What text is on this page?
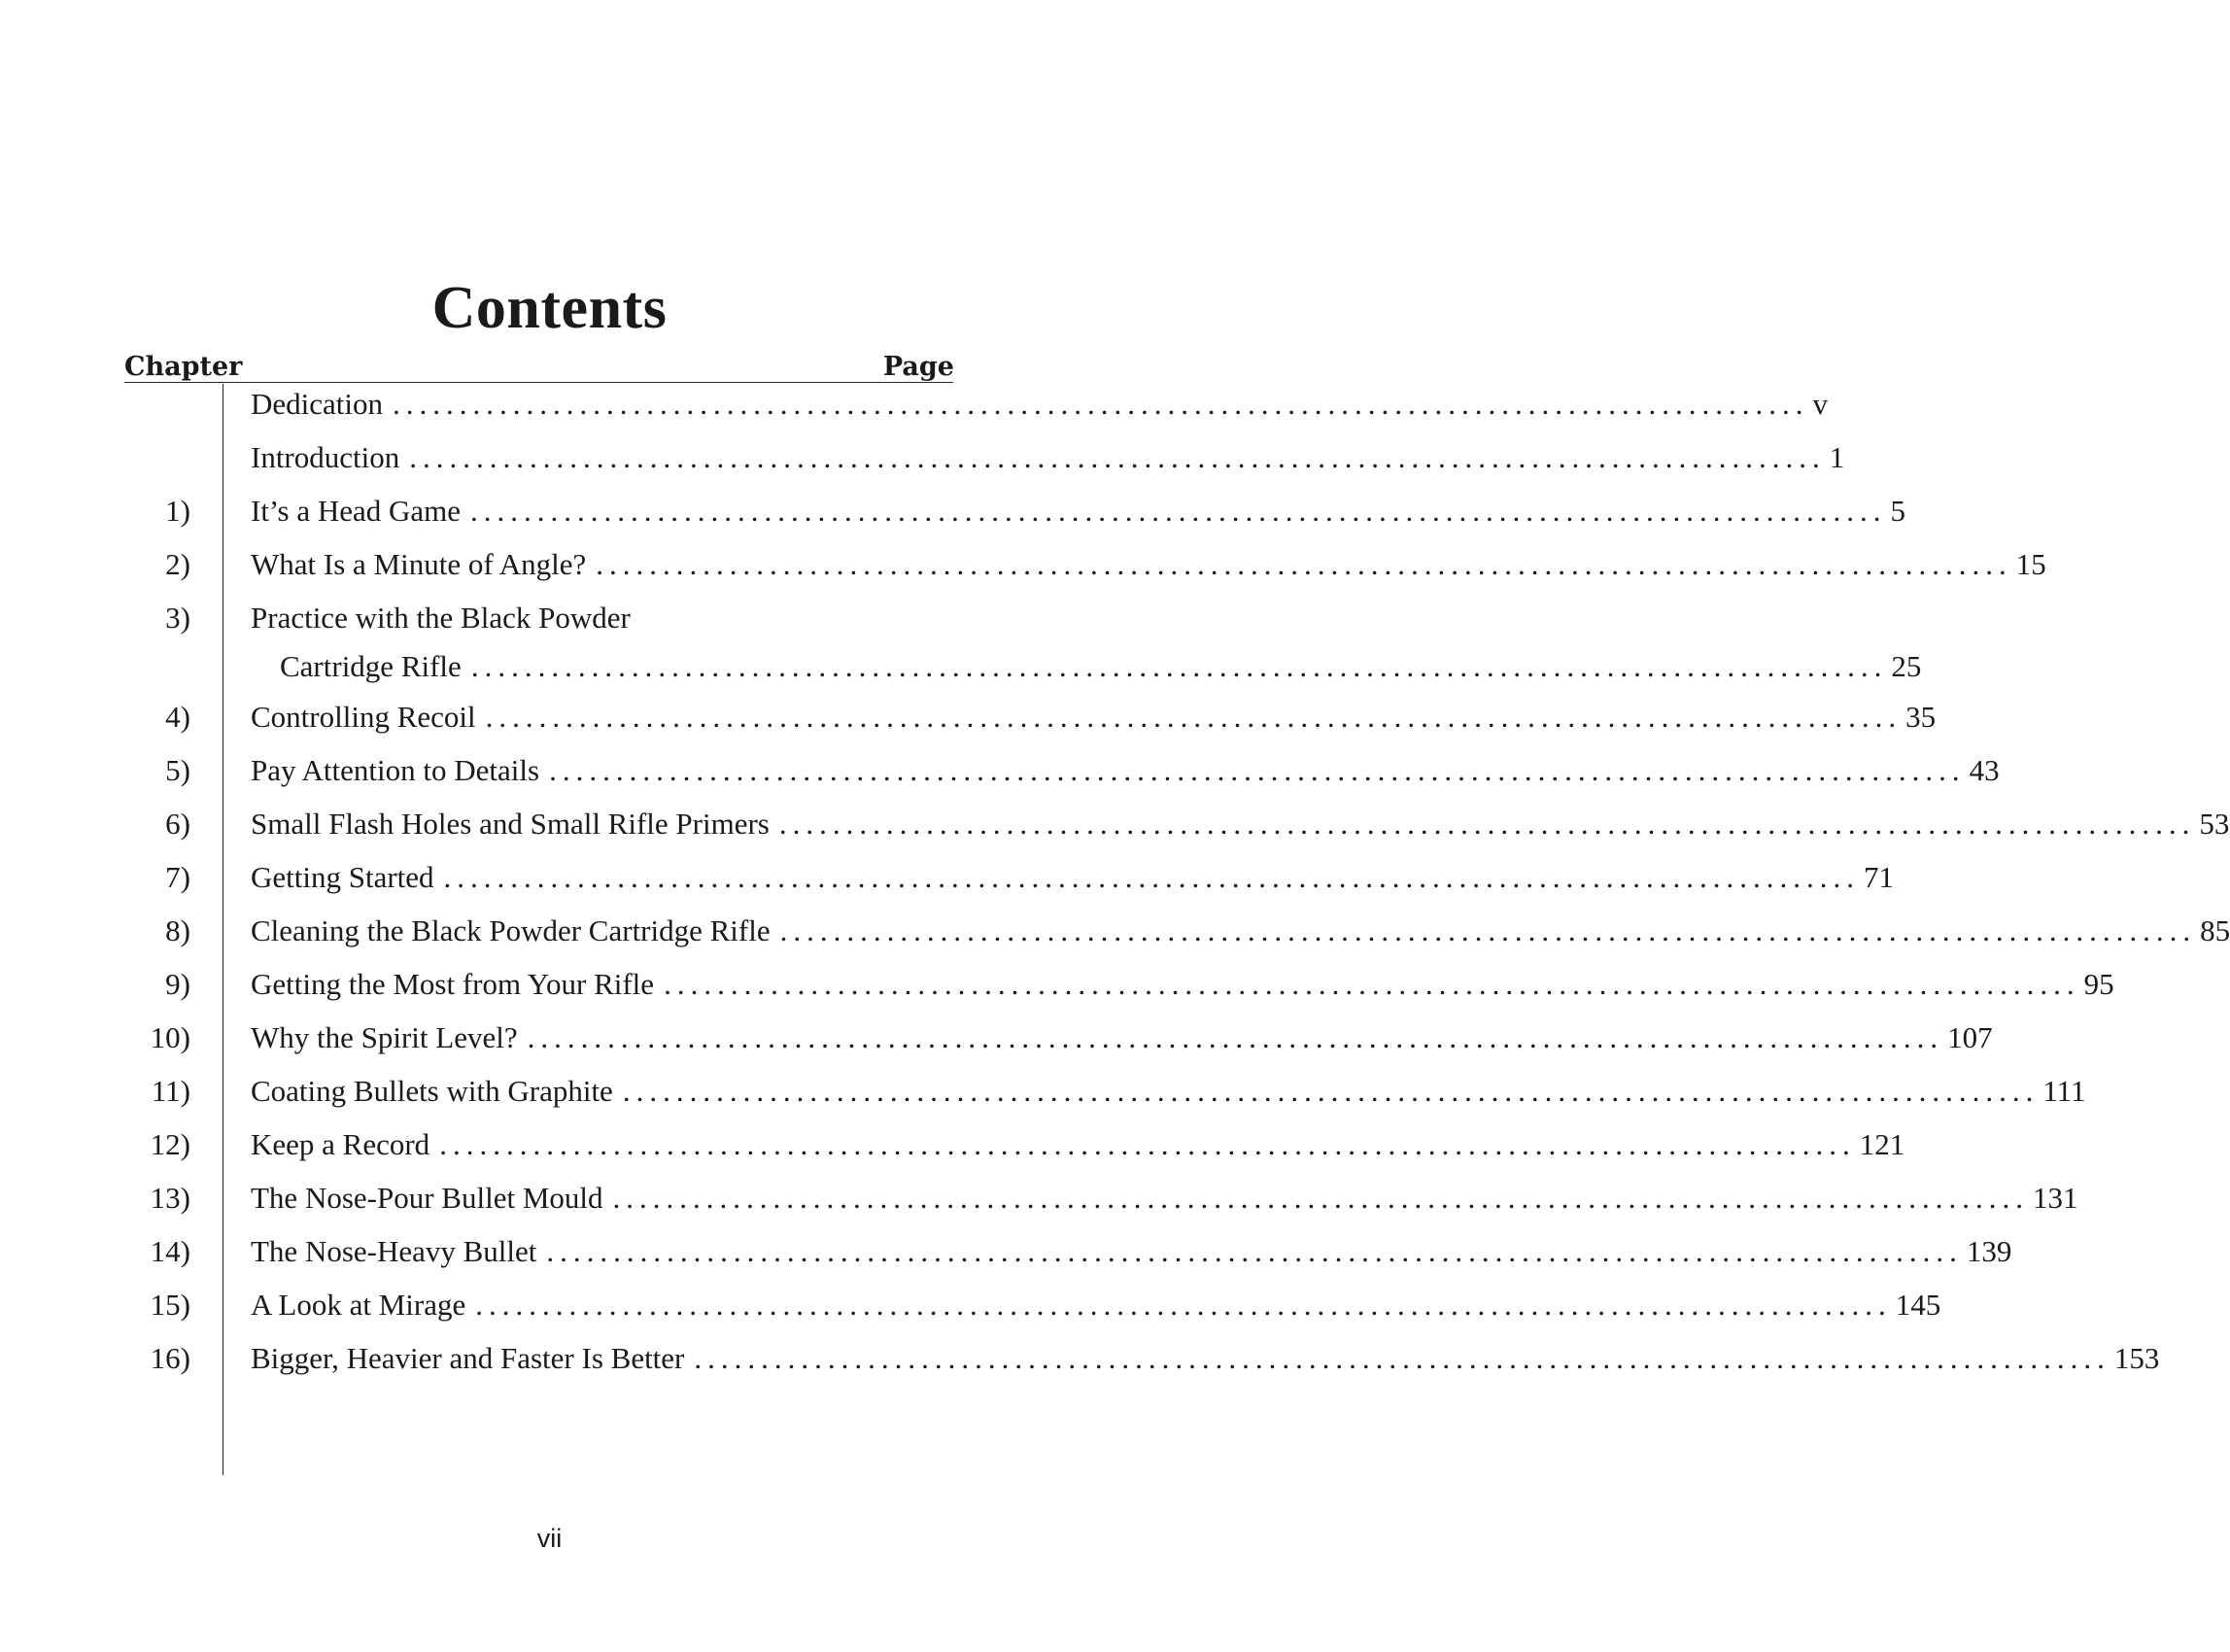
Contents
Chapter	Page
Dedication .......................................................................................................... v
Introduction .......................................................................................................... 1
1) It’s a Head Game .......................................................................................................... 5
2) What Is a Minute of Angle? .......................................................................................................... 15
3) Practice with the Black Powder
Cartridge Rifle .......................................................................................................... 25
4) Controlling Recoil .......................................................................................................... 35
5) Pay Attention to Details .......................................................................................................... 43
6) Small Flash Holes and Small Rifle Primers .......................................................................................................... 53
7) Getting Started .......................................................................................................... 71
8) Cleaning the Black Powder Cartridge Rifle .......................................................................................................... 85
9) Getting the Most from Your Rifle .......................................................................................................... 95
10) Why the Spirit Level? .......................................................................................................... 107
11) Coating Bullets with Graphite .......................................................................................................... 111
12) Keep a Record .......................................................................................................... 121
13) The Nose-Pour Bullet Mould .......................................................................................................... 131
14) The Nose-Heavy Bullet .......................................................................................................... 139
15) A Look at Mirage .......................................................................................................... 145
16) Bigger, Heavier and Faster Is Better .......................................................................................................... 153
vii
